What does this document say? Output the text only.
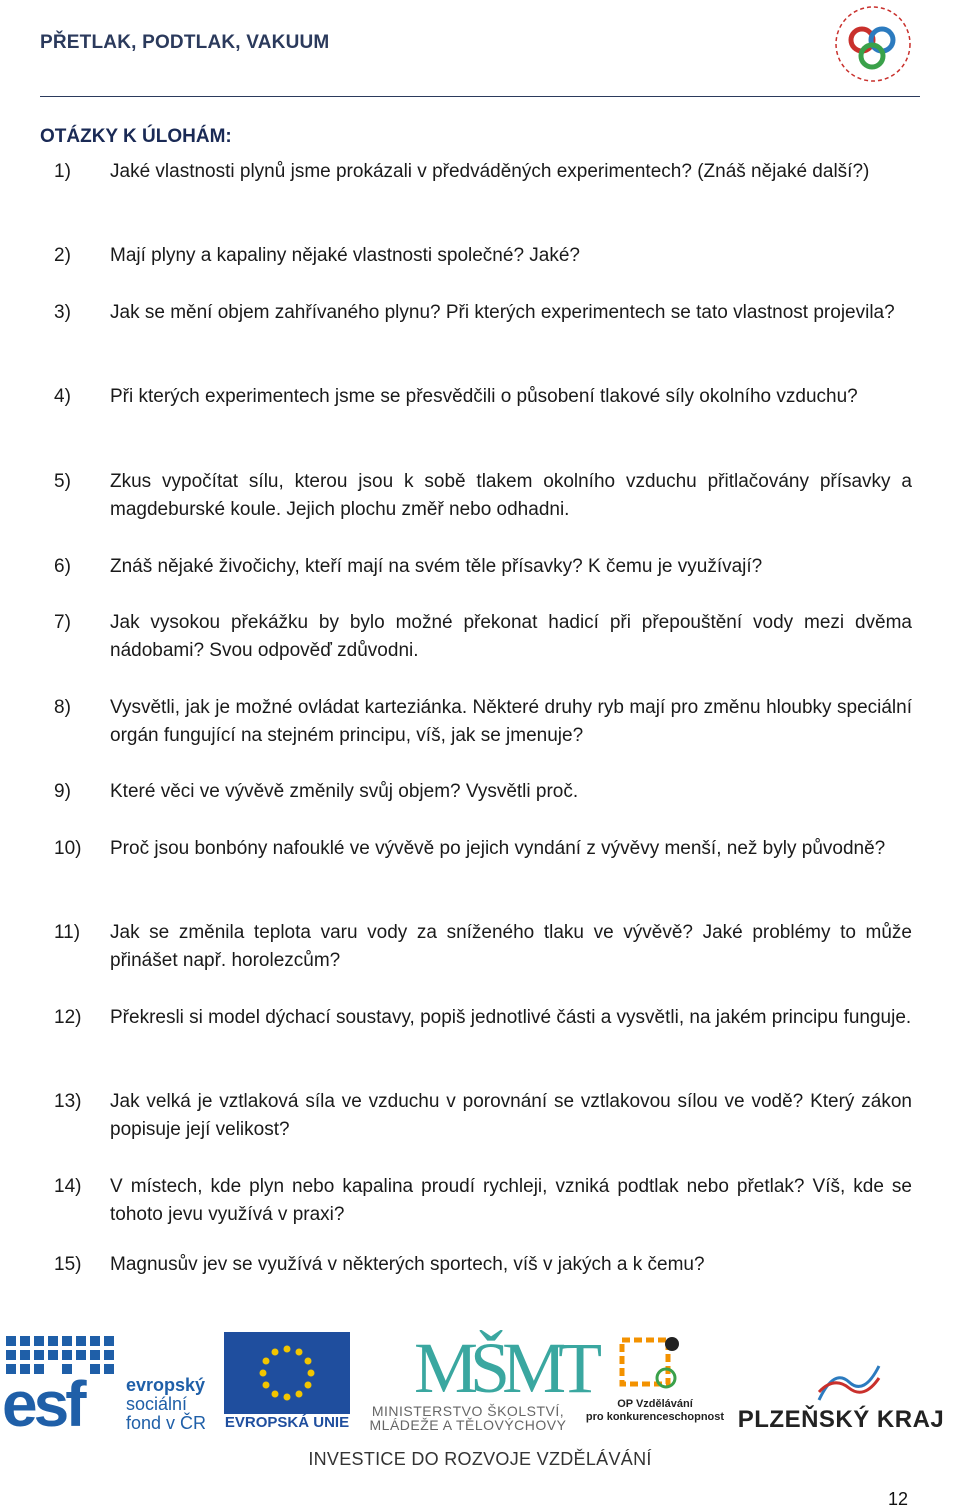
PŘETLAK, PODTLAK, VAKUUM
OTÁZKY K ÚLOHÁM:
1) Jaké vlastnosti plynů jsme prokázali v předváděných experimentech? (Znáš nějaké další?)
2) Mají plyny a kapaliny nějaké vlastnosti společné? Jaké?
3) Jak se mění objem zahřívaného plynu? Při kterých experimentech se tato vlastnost projevila?
4) Při kterých experimentech jsme se přesvědčili o působení tlakové síly okolního vzduchu?
5) Zkus vypočítat sílu, kterou jsou k sobě tlakem okolního vzduchu přitlačovány přísavky a magdeburské koule. Jejich plochu změř nebo odhadni.
6) Znáš nějaké živočichy, kteří mají na svém těle přísavky? K čemu je využívají?
7) Jak vysokou překážku by bylo možné překonat hadicí při přepouštění vody mezi dvěma nádobami? Svou odpověď zdůvodni.
8) Vysvětli, jak je možné ovládat karteziánka. Některé druhy ryb mají pro změnu hloubky speciální orgán fungující na stejném principu, víš, jak se jmenuje?
9) Které věci ve vývěvě změnily svůj objem? Vysvětli proč.
10) Proč jsou bonbóny nafouklé ve vývěvě po jejich vyndání z vývěvy menší, než byly původně?
11) Jak se změnila teplota varu vody za sníženého tlaku ve vývěvě? Jaké problémy to může přinášet např. horolezcům?
12) Překresli si model dýchací soustavy, popiš jednotlivé části a vysvětli, na jakém principu funguje.
13) Jak velká je vztlaková síla ve vzduchu v porovnání se vztlakovou sílou ve vodě? Který zákon popisuje její velikost?
14) V místech, kde plyn nebo kapalina proudí rychleji, vzniká podtlak nebo přetlak? Víš, kde se tohoto jevu využívá v praxi?
15) Magnusův jev se využívá v některých sportech, víš v jakých a k čemu?
esf evropský
sociální
fond v ČR EVROPSKÁ UNIE
MŠMT
MINISTERSTVO ŠKOLSTVÍ,
MLÁDEŽE A TĚLOVÝCHOVY
OP Vzdělávání
pro konkurenceschopnost PLZEŇSKÝ KRAJ
INVESTICE DO ROZVOJE VZDĚLÁVÁNÍ
12
